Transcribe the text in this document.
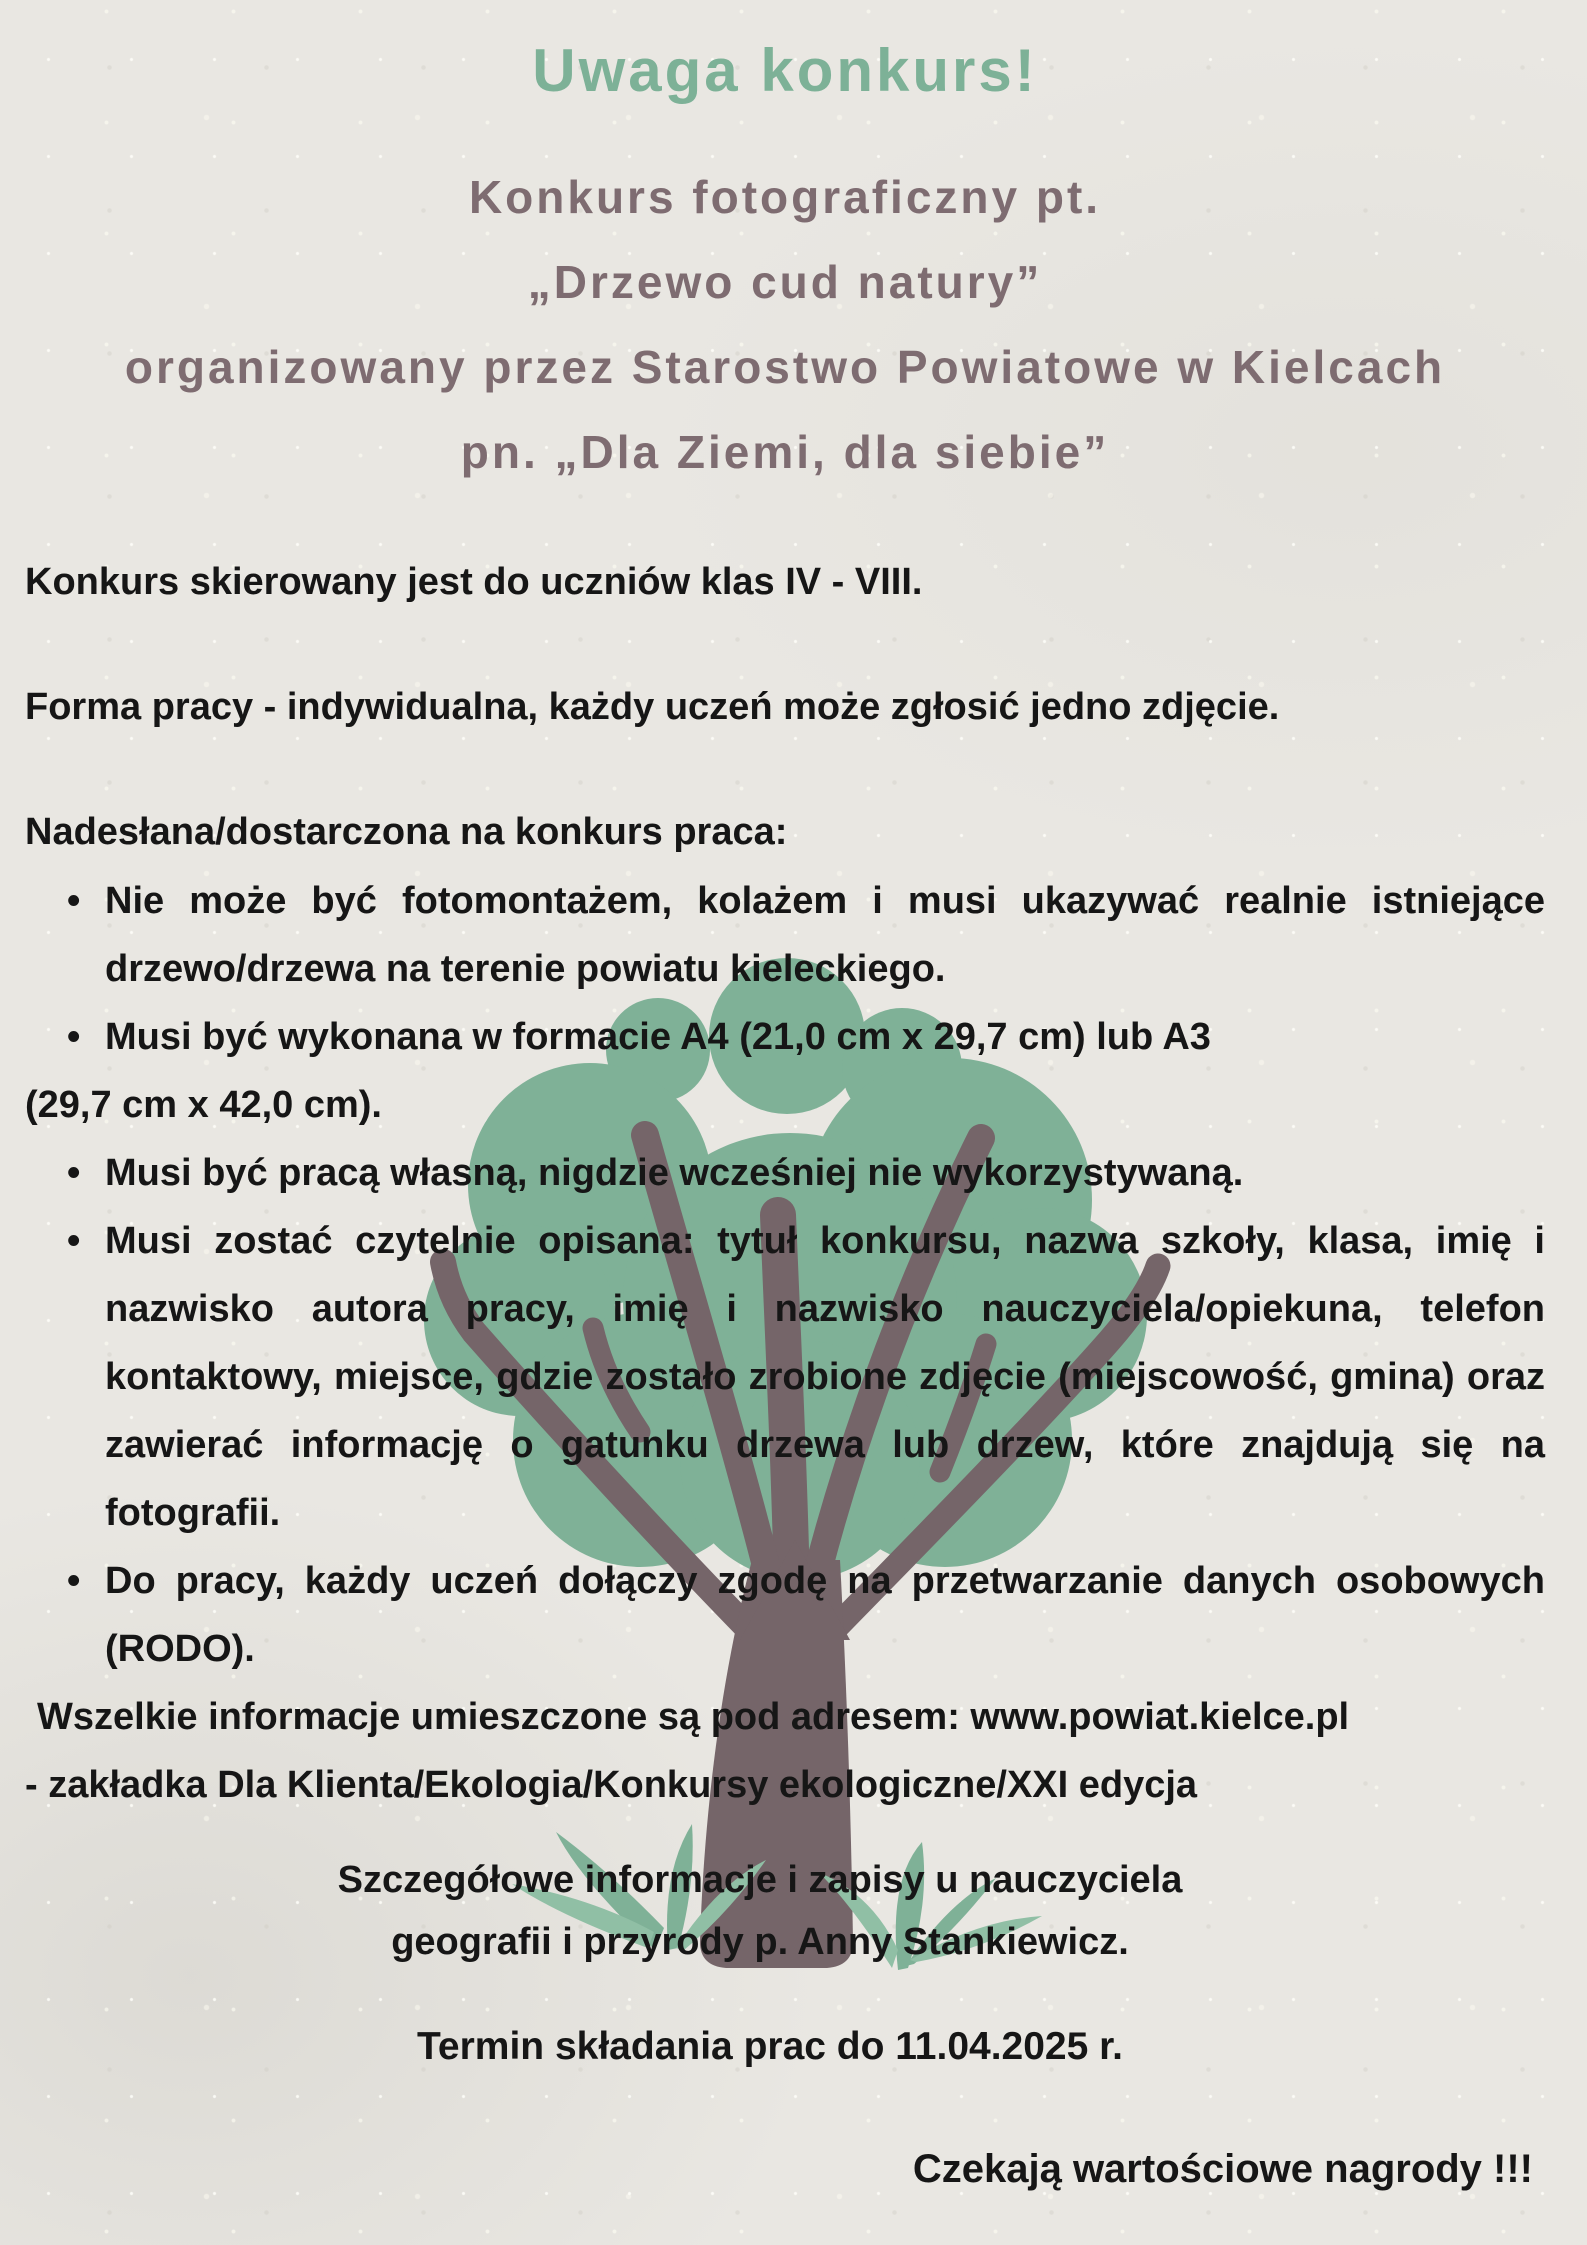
Uwaga konkurs!
Konkurs fotograficzny pt.
„Drzewo cud natury”
organizowany przez Starostwo Powiatowe w Kielcach
pn. „Dla Ziemi, dla siebie”

Konkurs skierowany jest do uczniów klas IV - VIII.

Forma pracy - indywidualna, każdy uczeń może zgłosić jedno zdjęcie.

Nadesłana/dostarczona na konkurs praca:

• Nie może być fotomontażem, kolażem i musi ukazywać realnie istniejące drzewo/drzewa na terenie powiatu kieleckiego.
• Musi być wykonana w formacie A4 (21,0 cm x 29,7 cm) lub A3

(29,7 cm x 42,0 cm).

• Musi być pracą własną, nigdzie wcześniej nie wykorzystywaną.
• Musi zostać czytelnie opisana: tytuł konkursu, nazwa szkoły, klasa, imię i nazwisko autora pracy, imię i nazwisko nauczyciela/opiekuna, telefon kontaktowy, miejsce, gdzie zostało zrobione zdjęcie (miejscowość, gmina) oraz zawierać informację o gatunku drzewa lub drzew, które znajdują się na fotografii.
• Do pracy, każdy uczeń dołączy zgodę na przetwarzanie danych osobowych (RODO).

Wszelkie informacje umieszczone są pod adresem: www.powiat.kielce.pl

- zakładka Dla Klienta/Ekologia/Konkursy ekologiczne/XXI edycja

Szczegółowe informacje i zapisy u nauczyciela
geografii i przyrody p. Anny Stankiewicz.

Termin składania prac do 11.04.2025 r.

Czekają wartościowe nagrody !!!
